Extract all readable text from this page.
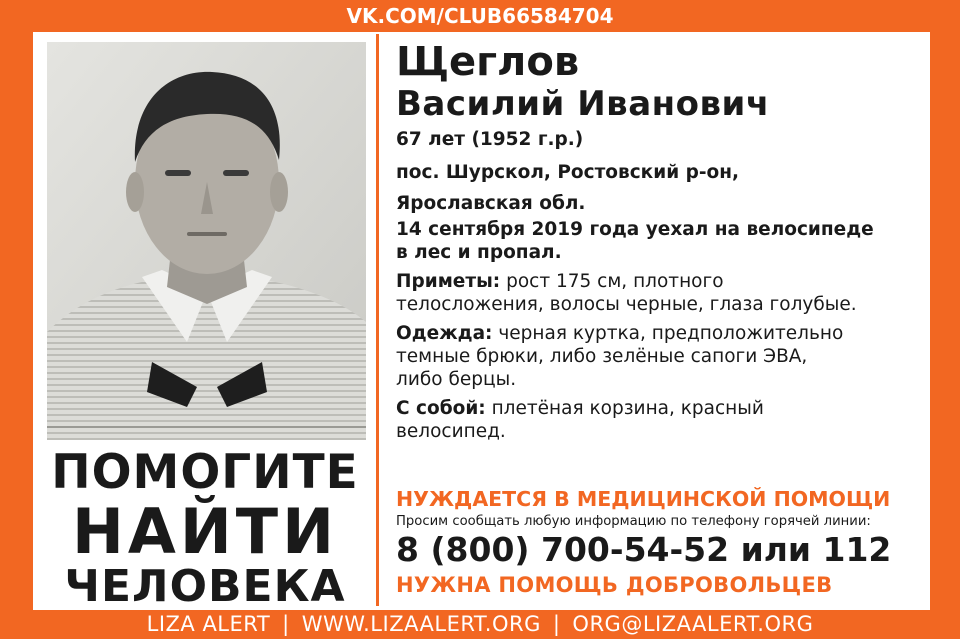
VK.COM/CLUB66584704
ПОМОГИТЕ
НАЙТИ
ЧЕЛОВЕКА
Щеглов
Василий Иванович
67 лет (1952 г.р.)
пос. Шурскол, Ростовский р-он,
Ярославская обл.
14 сентября 2019 года уехал на велосипеде
в лес и пропал.
Приметы: рост 175 см, плотного
телосложения, волосы черные, глаза голубые.
Одежда: черная куртка, предположительно
темные брюки, либо зелёные сапоги ЭВА,
либо берцы.
С собой: плетёная корзина, красный
велосипед.
НУЖДАЕТСЯ В МЕДИЦИНСКОЙ ПОМОЩИ
Просим сообщать любую информацию по телефону горячей линии:
8 (800) 700-54-52 или 112
НУЖНА ПОМОЩЬ ДОБРОВОЛЬЦЕВ
LIZA ALERT | WWW.LIZAALERT.ORG | ORG@LIZAALERT.ORG
